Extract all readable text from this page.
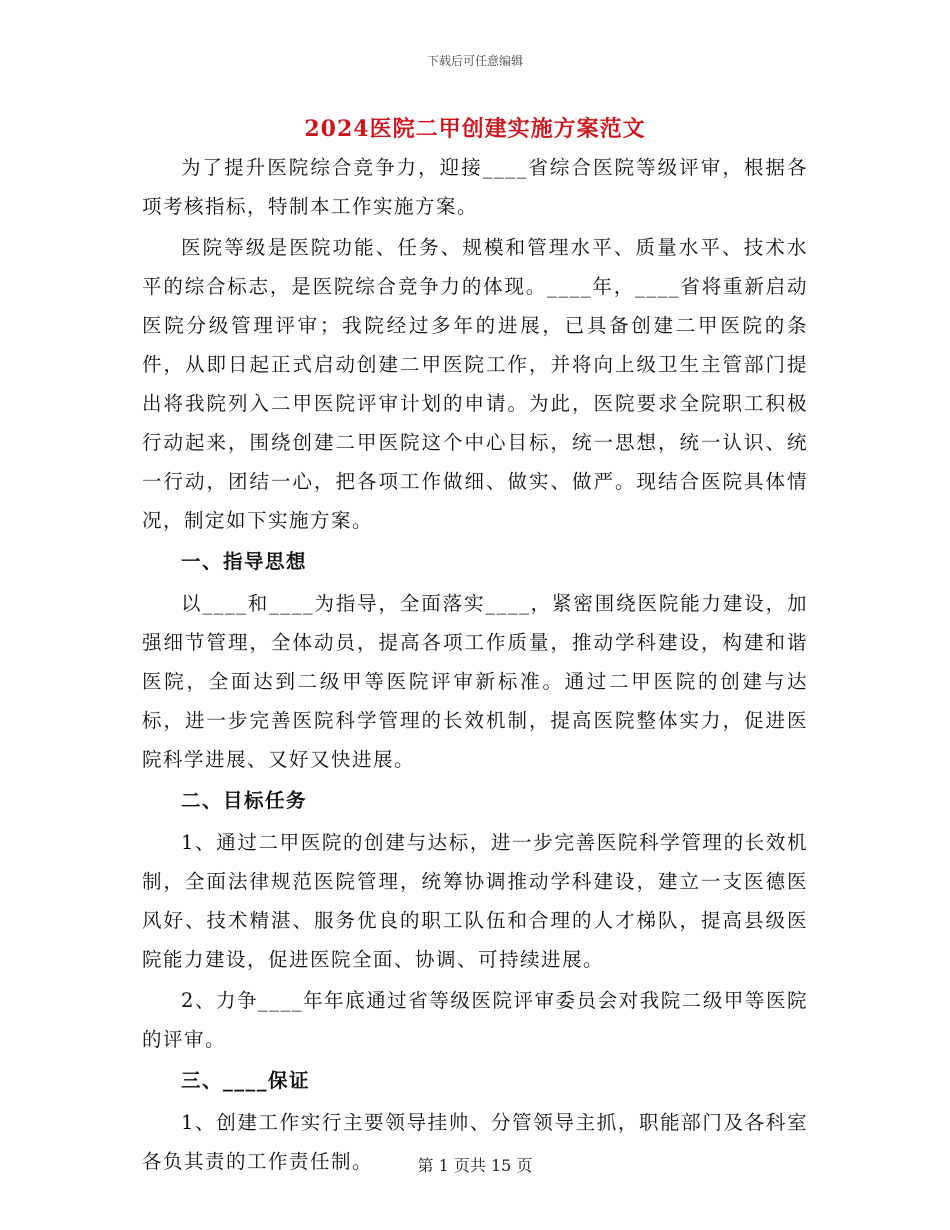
下载后可任意编辑
2024医院二甲创建实施方案范文

为了提升医院综合竞争力，迎接____省综合医院等级评审，根据各项考核指标，特制本工作实施方案。

医院等级是医院功能、任务、规模和管理水平、质量水平、技术水平的综合标志，是医院综合竞争力的体现。____年，____省将重新启动医院分级管理评审；我院经过多年的进展，已具备创建二甲医院的条件，从即日起正式启动创建二甲医院工作，并将向上级卫生主管部门提出将我院列入二甲医院评审计划的申请。为此，医院要求全院职工积极行动起来，围绕创建二甲医院这个中心目标，统一思想，统一认识、统一行动，团结一心，把各项工作做细、做实、做严。现结合医院具体情况，制定如下实施方案。

一、指导思想

以____和____为指导，全面落实____，紧密围绕医院能力建设，加强细节管理，全体动员，提高各项工作质量，推动学科建设，构建和谐医院，全面达到二级甲等医院评审新标准。通过二甲医院的创建与达标，进一步完善医院科学管理的长效机制，提高医院整体实力，促进医院科学进展、又好又快进展。

二、目标任务

1、通过二甲医院的创建与达标，进一步完善医院科学管理的长效机制，全面法律规范医院管理，统筹协调推动学科建设，建立一支医德医风好、技术精湛、服务优良的职工队伍和合理的人才梯队，提高县级医院能力建设，促进医院全面、协调、可持续进展。

2、力争____年年底通过省等级医院评审委员会对我院二级甲等医院的评审。

三、____保证

1、创建工作实行主要领导挂帅、分管领导主抓，职能部门及各科室各负其责的工作责任制。	第 1 页共 15 页
